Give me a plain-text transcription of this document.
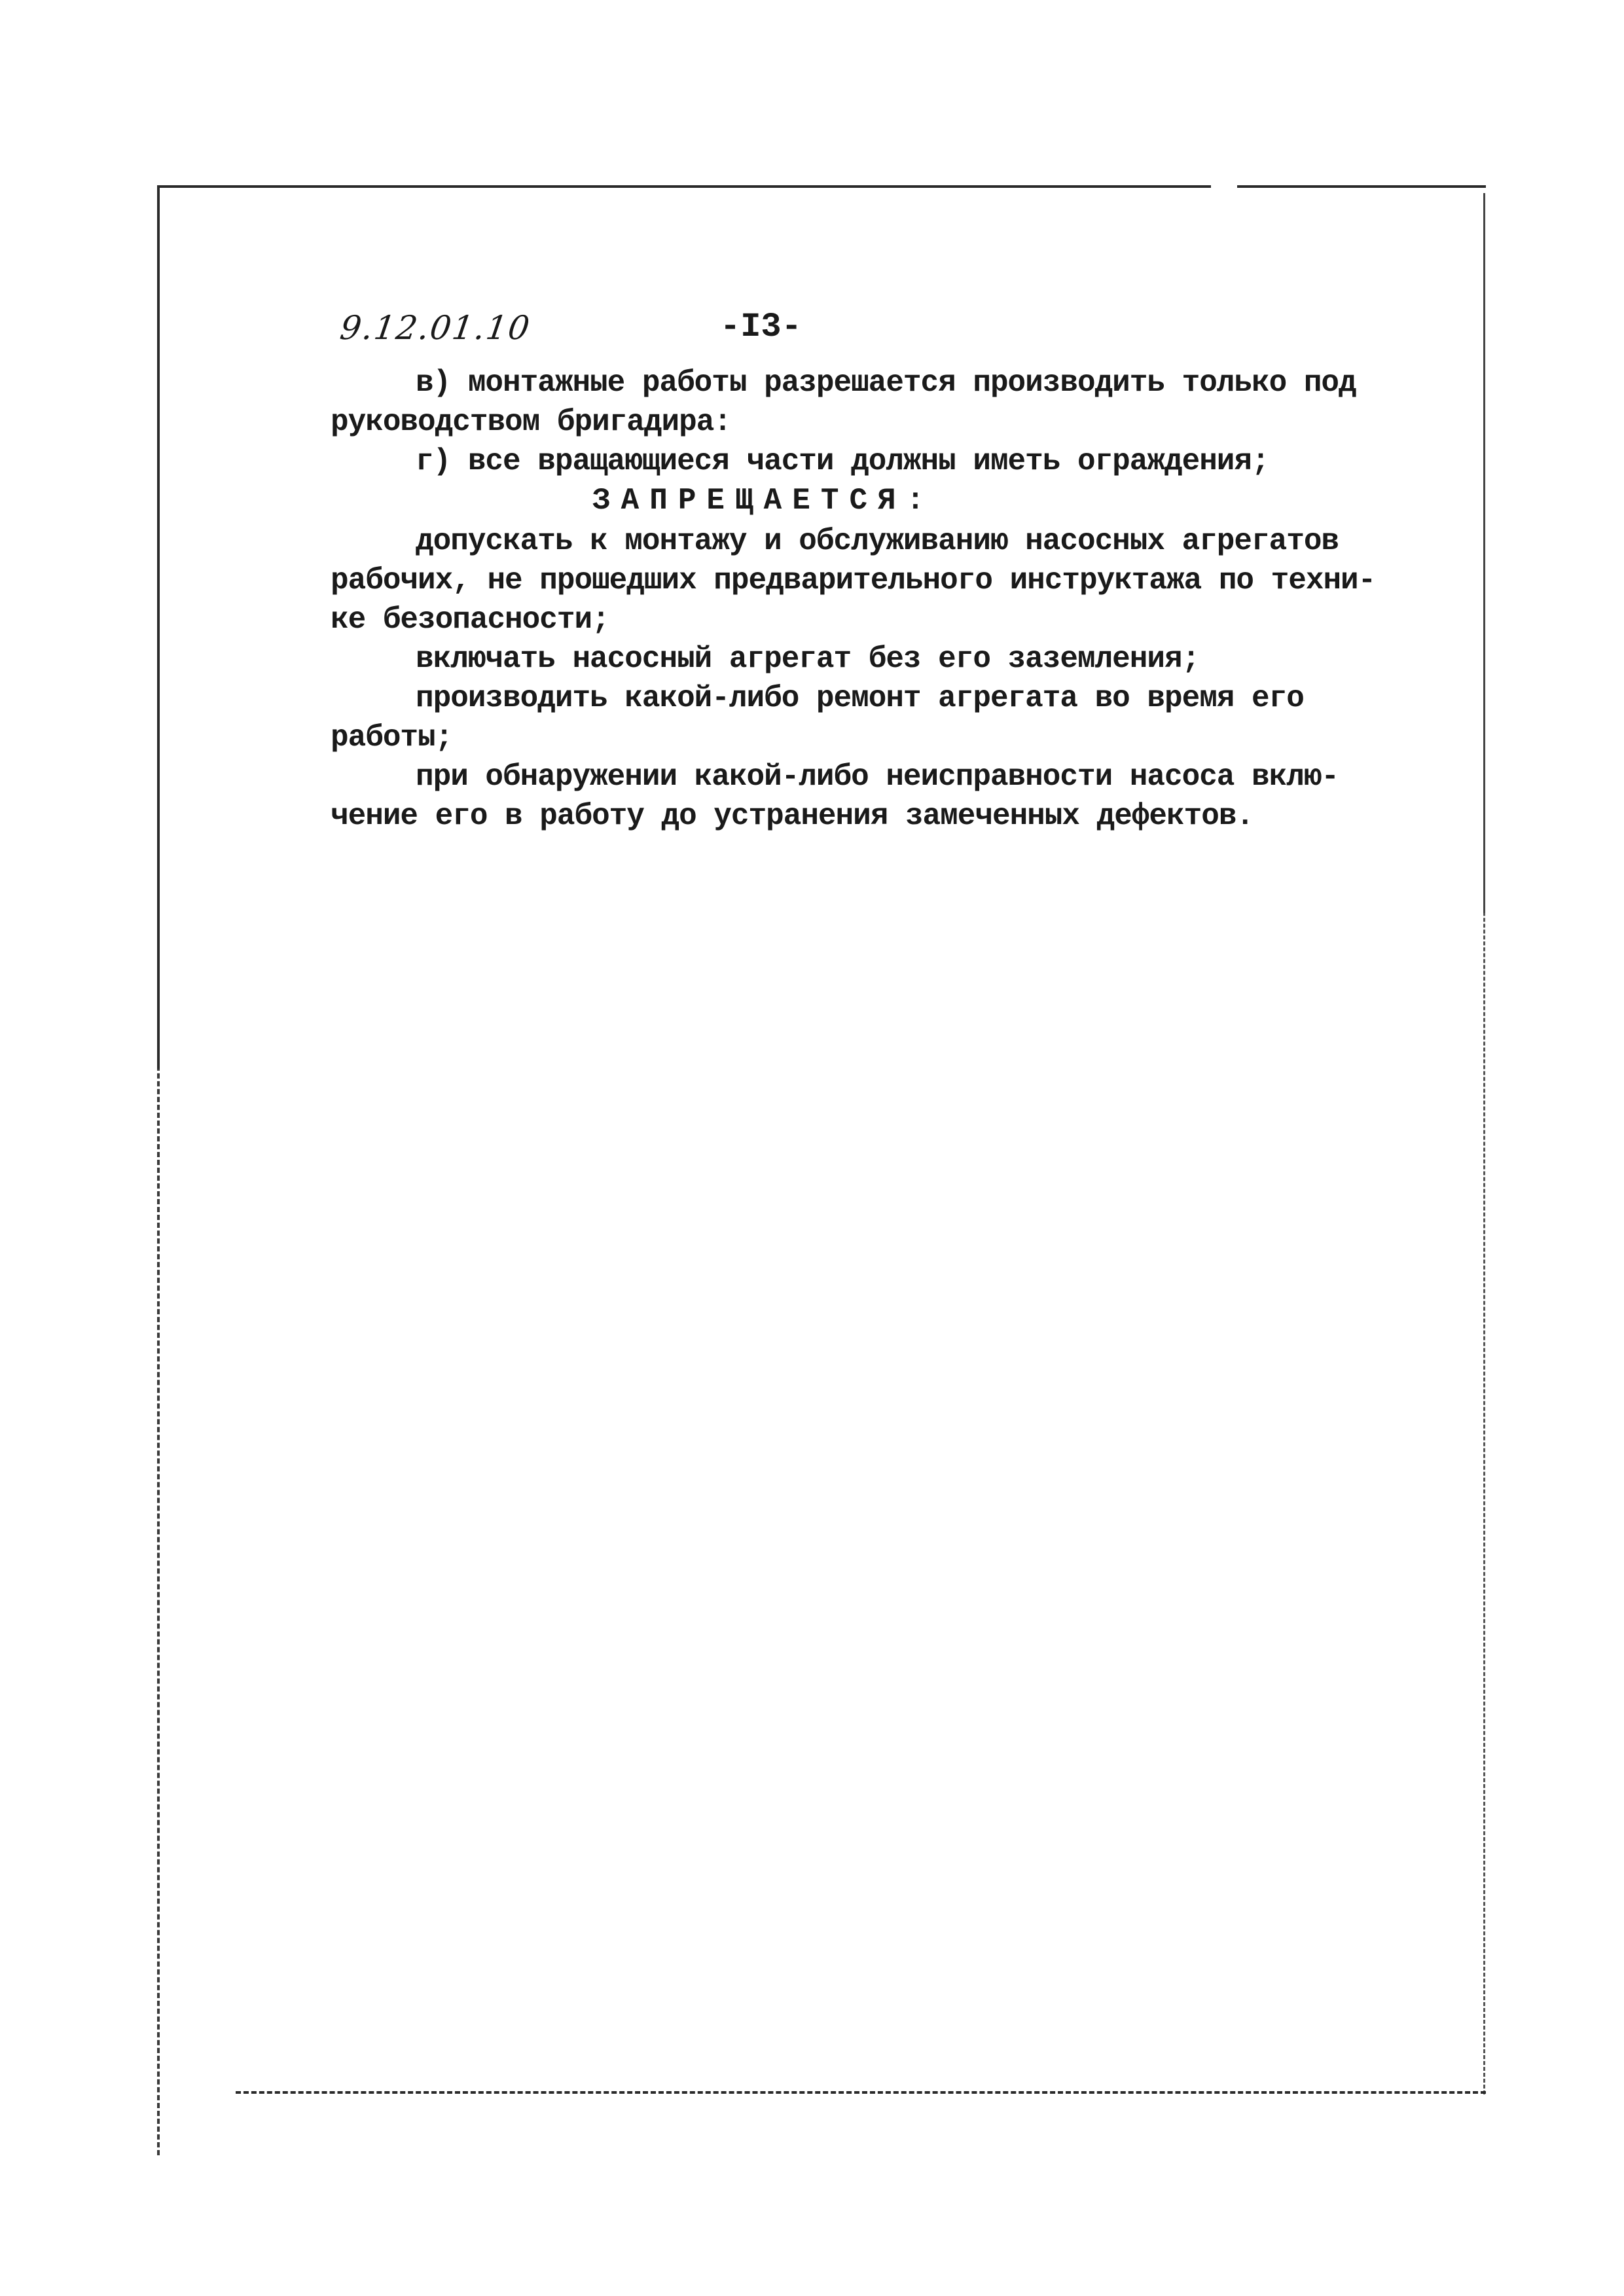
9.12.01.10	-I3-
в) монтажные работы разрешается производить только под
руководством бригадира:
г) все вращающиеся части должны иметь ограждения;
ЗАПРЕЩАЕТСЯ:
допускать к монтажу и обслуживанию насосных агрегатов
рабочих, не прошедших предварительного инструктажа по техни-
ке безопасности;
включать насосный агрегат без его заземления;
производить какой-либо ремонт агрегата во время его
работы;
при обнаружении какой-либо неисправности насоса вклю-
чение его в работу до устранения замеченных дефектов.
